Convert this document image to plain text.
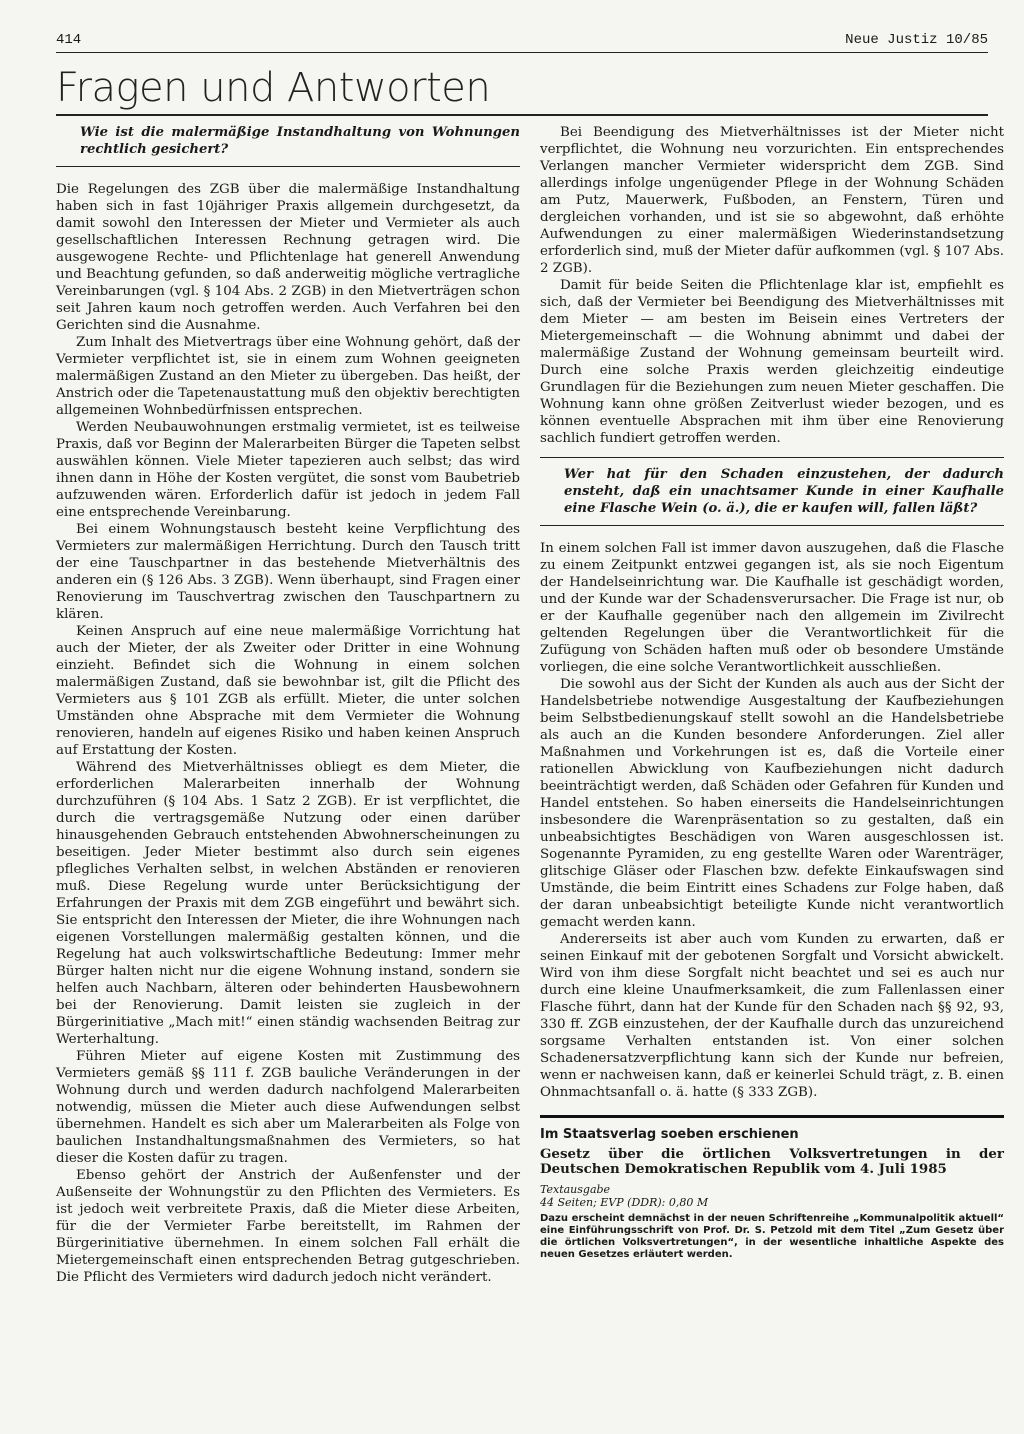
414	Neue Justiz 10/85
Fragen und Antworten
Wie ist die malermäßige Instandhaltung von Wohnungen rechtlich gesichert?

Die Regelungen des ZGB über die malermäßige Instandhaltung haben sich in fast 10jähriger Praxis allgemein durchgesetzt, da damit sowohl den Interessen der Mieter und Vermieter als auch gesellschaftlichen Interessen Rechnung getragen wird. Die ausgewogene Rechte- und Pflichtenlage hat generell Anwendung und Beachtung gefunden, so daß anderweitig mögliche vertragliche Vereinbarungen (vgl. § 104 Abs. 2 ZGB) in den Mietverträgen schon seit Jahren kaum noch getroffen werden. Auch Verfahren bei den Gerichten sind die Ausnahme.

Zum Inhalt des Mietvertrags über eine Wohnung gehört, daß der Vermieter verpflichtet ist, sie in einem zum Wohnen geeigneten malermäßigen Zustand an den Mieter zu übergeben. Das heißt, der Anstrich oder die Tapetenaustattung muß den objektiv berechtigten allgemeinen Wohnbedürfnissen entsprechen.

Werden Neubauwohnungen erstmalig vermietet, ist es teilweise Praxis, daß vor Beginn der Malerarbeiten Bürger die Tapeten selbst auswählen können. Viele Mieter tapezieren auch selbst; das wird ihnen dann in Höhe der Kosten vergütet, die sonst vom Baubetrieb aufzuwenden wären. Erforderlich dafür ist jedoch in jedem Fall eine entsprechende Vereinbarung.

Bei einem Wohnungstausch besteht keine Verpflichtung des Vermieters zur malermäßigen Herrichtung. Durch den Tausch tritt der eine Tauschpartner in das bestehende Mietverhältnis des anderen ein (§ 126 Abs. 3 ZGB). Wenn überhaupt, sind Fragen einer Renovierung im Tauschvertrag zwischen den Tauschpartnern zu klären.

Keinen Anspruch auf eine neue malermäßige Vorrichtung hat auch der Mieter, der als Zweiter oder Dritter in eine Wohnung einzieht. Befindet sich die Wohnung in einem solchen malermäßigen Zustand, daß sie bewohnbar ist, gilt die Pflicht des Vermieters aus § 101 ZGB als erfüllt. Mieter, die unter solchen Umständen ohne Absprache mit dem Vermieter die Wohnung renovieren, handeln auf eigenes Risiko und haben keinen Anspruch auf Erstattung der Kosten.

Während des Mietverhältnisses obliegt es dem Mieter, die erforderlichen Malerarbeiten innerhalb der Wohnung durchzuführen (§ 104 Abs. 1 Satz 2 ZGB). Er ist verpflichtet, die durch die vertragsgemäße Nutzung oder einen darüber hinausgehenden Gebrauch entstehenden Abwohnerscheinungen zu beseitigen. Jeder Mieter bestimmt also durch sein eigenes pflegliches Verhalten selbst, in welchen Abständen er renovieren muß. Diese Regelung wurde unter Berücksichtigung der Erfahrungen der Praxis mit dem ZGB eingeführt und bewährt sich. Sie entspricht den Interessen der Mieter, die ihre Wohnungen nach eigenen Vorstellungen malermäßig gestalten können, und die Regelung hat auch volkswirtschaftliche Bedeutung: Immer mehr Bürger halten nicht nur die eigene Wohnung instand, sondern sie helfen auch Nachbarn, älteren oder behinderten Hausbewohnern bei der Renovierung. Damit leisten sie zugleich in der Bürgerinitiative „Mach mit!“ einen ständig wachsenden Beitrag zur Werterhaltung.

Führen Mieter auf eigene Kosten mit Zustimmung des Vermieters gemäß §§ 111 f. ZGB bauliche Veränderungen in der Wohnung durch und werden dadurch nachfolgend Malerarbeiten notwendig, müssen die Mieter auch diese Aufwendungen selbst übernehmen. Handelt es sich aber um Malerarbeiten als Folge von baulichen Instandhaltungsmaßnahmen des Vermieters, so hat dieser die Kosten dafür zu tragen.

Ebenso gehört der Anstrich der Außenfenster und der Außenseite der Wohnungstür zu den Pflichten des Vermieters. Es ist jedoch weit verbreitete Praxis, daß die Mieter diese Arbeiten, für die der Vermieter Farbe bereitstellt, im Rahmen der Bürgerinitiative übernehmen. In einem solchen Fall erhält die Mietergemeinschaft einen entsprechenden Betrag gutgeschrieben. Die Pflicht des Vermieters wird dadurch jedoch nicht verändert.

Bei Beendigung des Mietverhältnisses ist der Mieter nicht verpflichtet, die Wohnung neu vorzurichten. Ein entsprechendes Verlangen mancher Vermieter widerspricht dem ZGB. Sind allerdings infolge ungenügender Pflege in der Wohnung Schäden am Putz, Mauerwerk, Fußboden, an Fenstern, Türen und dergleichen vorhanden, und ist sie so abgewohnt, daß erhöhte Aufwendungen zu einer malermäßigen Wiederinstandsetzung erforderlich sind, muß der Mieter dafür aufkommen (vgl. § 107 Abs. 2 ZGB).

Damit für beide Seiten die Pflichtenlage klar ist, empfiehlt es sich, daß der Vermieter bei Beendigung des Mietverhältnisses mit dem Mieter — am besten im Beisein eines Vertreters der Mietergemeinschaft — die Wohnung abnimmt und dabei der malermäßige Zustand der Wohnung gemeinsam beurteilt wird. Durch eine solche Praxis werden gleichzeitig eindeutige Grundlagen für die Beziehungen zum neuen Mieter geschaffen. Die Wohnung kann ohne größen Zeitverlust wieder bezogen, und es können eventuelle Absprachen mit ihm über eine Renovierung sachlich fundiert getroffen werden.

Wer hat für den Schaden einzustehen, der dadurch ensteht, daß ein unachtsamer Kunde in einer Kaufhalle eine Flasche Wein (o. ä.), die er kaufen will, fallen läßt?

In einem solchen Fall ist immer davon auszugehen, daß die Flasche zu einem Zeitpunkt entzwei gegangen ist, als sie noch Eigentum der Handelseinrichtung war. Die Kaufhalle ist geschädigt worden, und der Kunde war der Schadensverursacher. Die Frage ist nur, ob er der Kaufhalle gegenüber nach den allgemein im Zivilrecht geltenden Regelungen über die Verantwortlichkeit für die Zufügung von Schäden haften muß oder ob besondere Umstände vorliegen, die eine solche Verantwortlichkeit ausschließen.

Die sowohl aus der Sicht der Kunden als auch aus der Sicht der Handelsbetriebe notwendige Ausgestaltung der Kaufbeziehungen beim Selbstbedienungskauf stellt sowohl an die Handelsbetriebe als auch an die Kunden besondere Anforderungen. Ziel aller Maßnahmen und Vorkehrungen ist es, daß die Vorteile einer rationellen Abwicklung von Kaufbeziehungen nicht dadurch beeinträchtigt werden, daß Schäden oder Gefahren für Kunden und Handel entstehen. So haben einerseits die Handelseinrichtungen insbesondere die Warenpräsentation so zu gestalten, daß ein unbeabsichtigtes Beschädigen von Waren ausgeschlossen ist. Sogenannte Pyramiden, zu eng gestellte Waren oder Warenträger, glitschige Gläser oder Flaschen bzw. defekte Einkaufswagen sind Umstände, die beim Eintritt eines Schadens zur Folge haben, daß der daran unbeabsichtigt beteiligte Kunde nicht verantwortlich gemacht werden kann.

Andererseits ist aber auch vom Kunden zu erwarten, daß er seinen Einkauf mit der gebotenen Sorgfalt und Vorsicht abwickelt. Wird von ihm diese Sorgfalt nicht beachtet und sei es auch nur durch eine kleine Unaufmerksamkeit, die zum Fallenlassen einer Flasche führt, dann hat der Kunde für den Schaden nach §§ 92, 93, 330 ff. ZGB einzustehen, der der Kaufhalle durch das unzureichend sorgsame Verhalten entstanden ist. Von einer solchen Schadenersatzverpflichtung kann sich der Kunde nur befreien, wenn er nachweisen kann, daß er keinerlei Schuld trägt, z. B. einen Ohnmachtsanfall o. ä. hatte (§ 333 ZGB).

Im Staatsverlag soeben erschienen
Gesetz über die örtlichen Volksvertretungen in der Deutschen Demokratischen Republik vom 4. Juli 1985
Textausgabe
44 Seiten; EVP (DDR): 0,80 M
Dazu erscheint demnächst in der neuen Schriftenreihe „Kommunalpolitik aktuell“ eine Einführungsschrift von Prof. Dr. S. Petzold mit dem Titel „Zum Gesetz über die örtlichen Volksvertretungen“, in der wesentliche inhaltliche Aspekte des neuen Gesetzes erläutert werden.
